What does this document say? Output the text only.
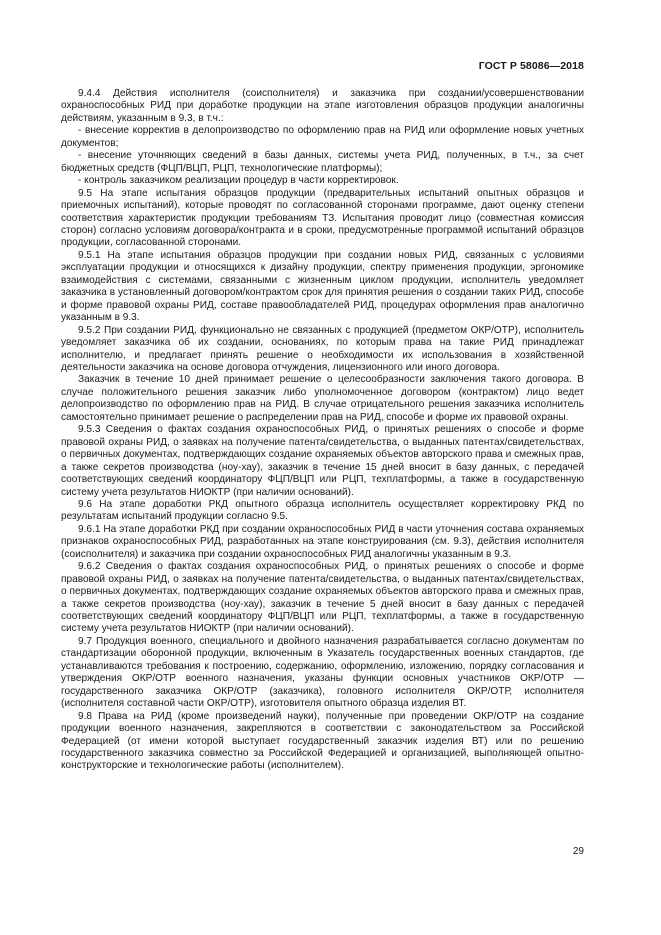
ГОСТ Р 58086—2018

9.4.4 Действия исполнителя (соисполнителя) и заказчика при создании/усовершенствовании охраноспособных РИД при доработке продукции на этапе изготовления образцов продукции аналогичны действиям, указанным в 9.3, в т.ч.:

- внесение корректив в делопроизводство по оформлению прав на РИД или оформление новых учетных документов;

- внесение уточняющих сведений в базы данных, системы учета РИД, полученных, в т.ч., за счет бюджетных средств (ФЦП/ВЦП, РЦП, технологические платформы);

- контроль заказчиком реализации процедур в части корректировок.

9.5 На этапе испытания образцов продукции (предварительных испытаний опытных образцов и приемочных испытаний), которые проводят по согласованной сторонами программе, дают оценку степени соответствия характеристик продукции требованиям ТЗ. Испытания проводит лицо (совместная комиссия сторон) согласно условиям договора/контракта и в сроки, предусмотренные программой испытаний образцов продукции, согласованной сторонами.

9.5.1 На этапе испытания образцов продукции при создании новых РИД, связанных с условиями эксплуатации продукции и относящихся к дизайну продукции, спектру применения продукции, эргономике взаимодействия с системами, связанными с жизненным циклом продукции, исполнитель уведомляет заказчика в установленный договором/контрактом срок для принятия решения о создании таких РИД, способе и форме правовой охраны РИД, составе правообладателей РИД, процедурах оформления прав аналогично указанным в 9.3.

9.5.2 При создании РИД, функционально не связанных с продукцией (предметом ОКР/ОТР), исполнитель уведомляет заказчика об их создании, основаниях, по которым права на такие РИД принадлежат исполнителю, и предлагает принять решение о необходимости их использования в хозяйственной деятельности заказчика на основе договора отчуждения, лицензионного или иного договора.

Заказчик в течение 10 дней принимает решение о целесообразности заключения такого договора. В случае положительного решения заказчик либо уполномоченное договором (контрактом) лицо ведет делопроизводство по оформлению прав на РИД. В случае отрицательного решения заказчика исполнитель самостоятельно принимает решение о распределении прав на РИД, способе и форме их правовой охраны.

9.5.3 Сведения о фактах создания охраноспособных РИД, о принятых решениях о способе и форме правовой охраны РИД, о заявках на получение патента/свидетельства, о выданных патентах/свидетельствах, о первичных документах, подтверждающих создание охраняемых объектов авторского права и смежных прав, а также секретов производства (ноу-хау), заказчик в течение 15 дней вносит в базу данных, с передачей соответствующих сведений координатору ФЦП/ВЦП или РЦП, техплатформы, а также в государственную систему учета результатов НИОКТР (при наличии оснований).

9.6 На этапе доработки РКД опытного образца исполнитель осуществляет корректировку РКД по результатам испытаний продукции согласно 9.5.

9.6.1 На этапе доработки РКД при создании охраноспособных РИД в части уточнения состава охраняемых признаков охраноспособных РИД, разработанных на этапе конструирования (см. 9.3), действия исполнителя (соисполнителя) и заказчика при создании охраноспособных РИД аналогичны указанным в 9.3.

9.6.2 Сведения о фактах создания охраноспособных РИД, о принятых решениях о способе и форме правовой охраны РИД, о заявках на получение патента/свидетельства, о выданных патентах/свидетельствах, о первичных документах, подтверждающих создание охраняемых объектов авторского права и смежных прав, а также секретов производства (ноу-хау), заказчик в течение 5 дней вносит в базу данных с передачей соответствующих сведений координатору ФЦП/ВЦП или РЦП, техплатформы, а также в государственную систему учета результатов НИОКТР (при наличии оснований).

9.7 Продукция военного, специального и двойного назначения разрабатывается согласно документам по стандартизации оборонной продукции, включенным в Указатель государственных военных стандартов, где устанавливаются требования к построению, содержанию, оформлению, изложению, порядку согласования и утверждения ОКР/ОТР военного назначения, указаны функции основных участников ОКР/ОТР — государственного заказчика ОКР/ОТР (заказчика), головного исполнителя ОКР/ОТР, исполнителя (исполнителя составной части ОКР/ОТР), изготовителя опытного образца изделия ВТ.

9.8 Права на РИД (кроме произведений науки), полученные при проведении ОКР/ОТР на создание продукции военного назначения, закрепляются в соответствии с законодательством за Российской Федерацией (от имени которой выступает государственный заказчик изделия ВТ) или по решению государственного заказчика совместно за Российской Федерацией и организацией, выполняющей опытно-конструкторские и технологические работы (исполнителем).

29
